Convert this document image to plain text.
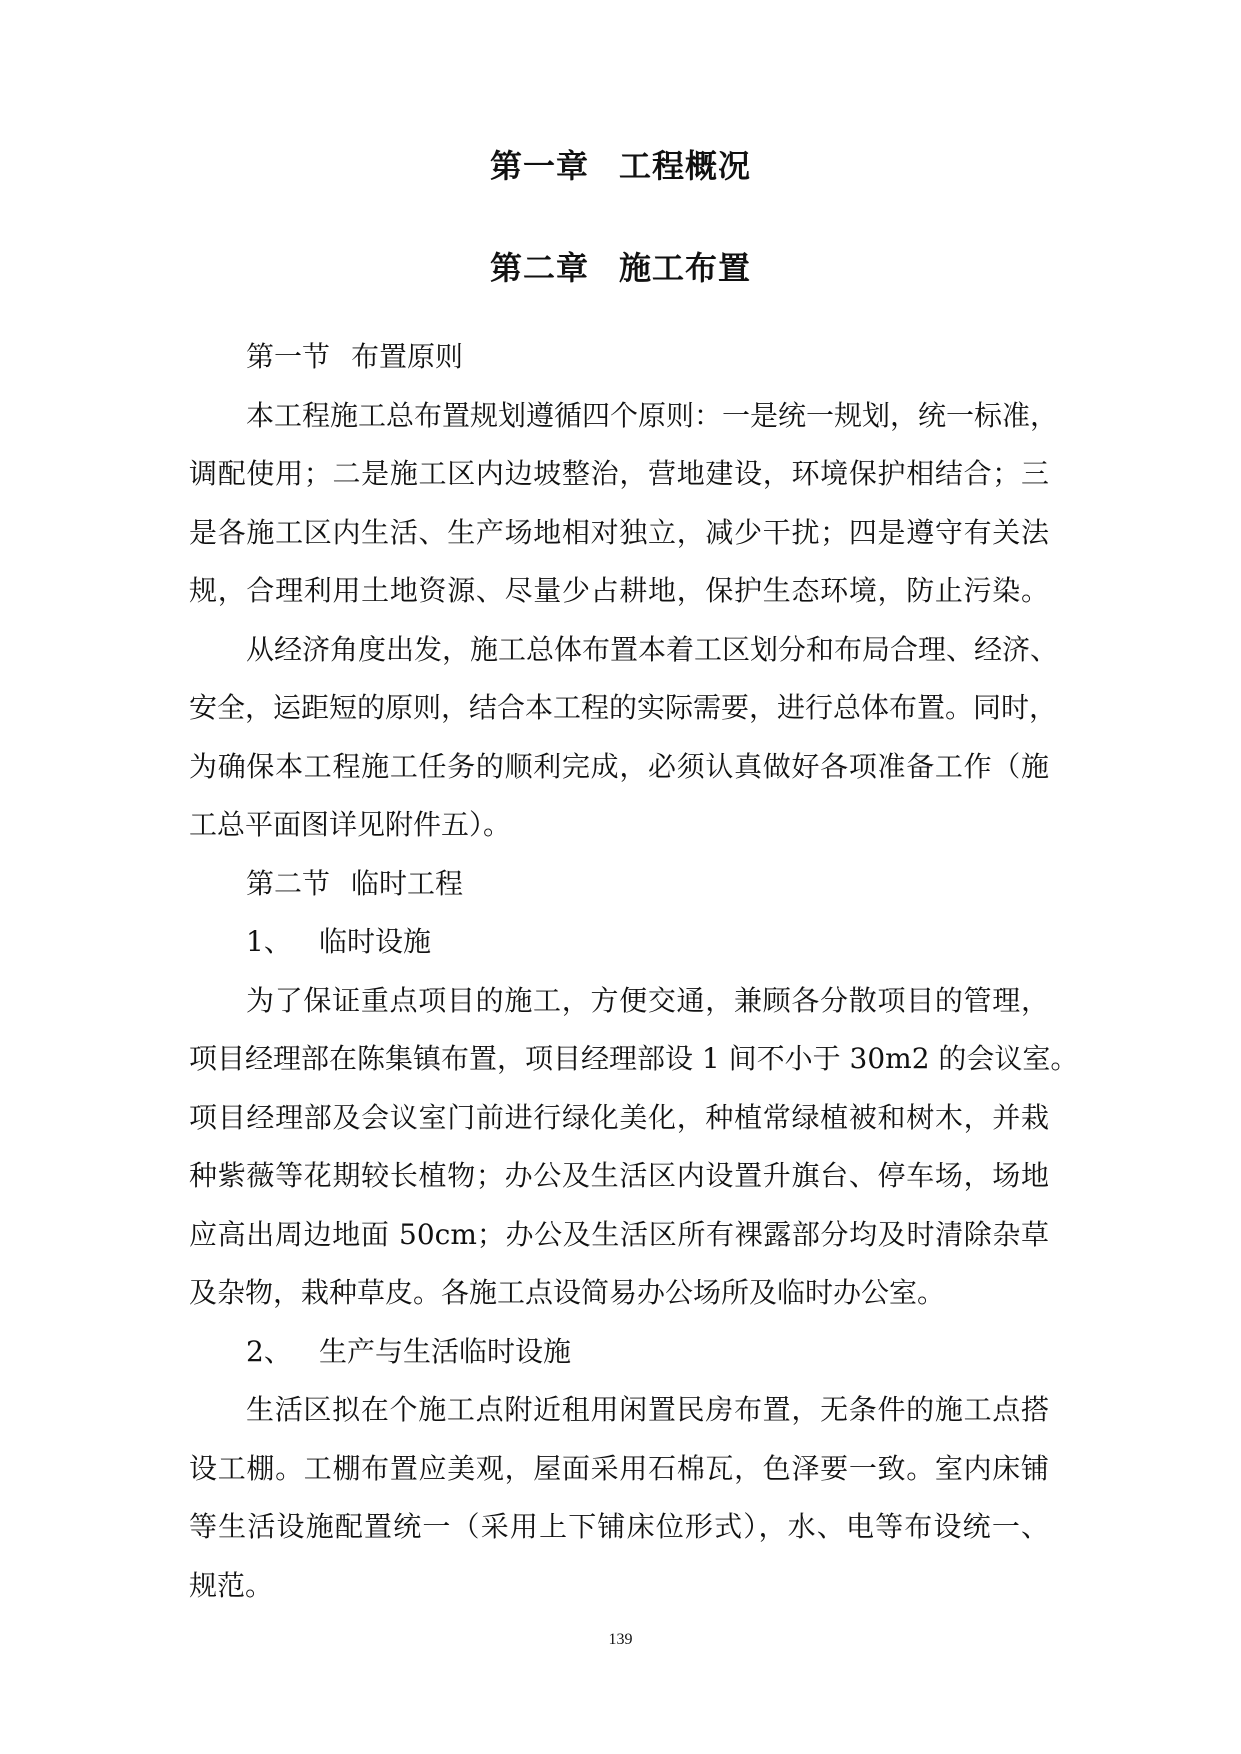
第一章 工程概况
第二章 施工布置
第一节 布置原则
本工程施工总布置规划遵循四个原则：一是统一规划，统一标准，
调配使用；二是施工区内边坡整治，营地建设，环境保护相结合；三
是各施工区内生活、生产场地相对独立，减少干扰；四是遵守有关法
规，合理利用土地资源、尽量少占耕地，保护生态环境，防止污染。
从经济角度出发，施工总体布置本着工区划分和布局合理、经济、
安全，运距短的原则，结合本工程的实际需要，进行总体布置。同时，
为确保本工程施工任务的顺利完成，必须认真做好各项准备工作（施
工总平面图详见附件五）。
第二节 临时工程
1、 临时设施
为了保证重点项目的施工，方便交通，兼顾各分散项目的管理，
项目经理部在陈集镇布置，项目经理部设 1 间不小于 30m2 的会议室。
项目经理部及会议室门前进行绿化美化，种植常绿植被和树木，并栽
种紫薇等花期较长植物；办公及生活区内设置升旗台、停车场，场地
应高出周边地面 50cm；办公及生活区所有裸露部分均及时清除杂草
及杂物，栽种草皮。各施工点设简易办公场所及临时办公室。
2、 生产与生活临时设施
生活区拟在个施工点附近租用闲置民房布置，无条件的施工点搭
设工棚。工棚布置应美观，屋面采用石棉瓦，色泽要一致。室内床铺
等生活设施配置统一（采用上下铺床位形式），水、电等布设统一、
规范。
139
